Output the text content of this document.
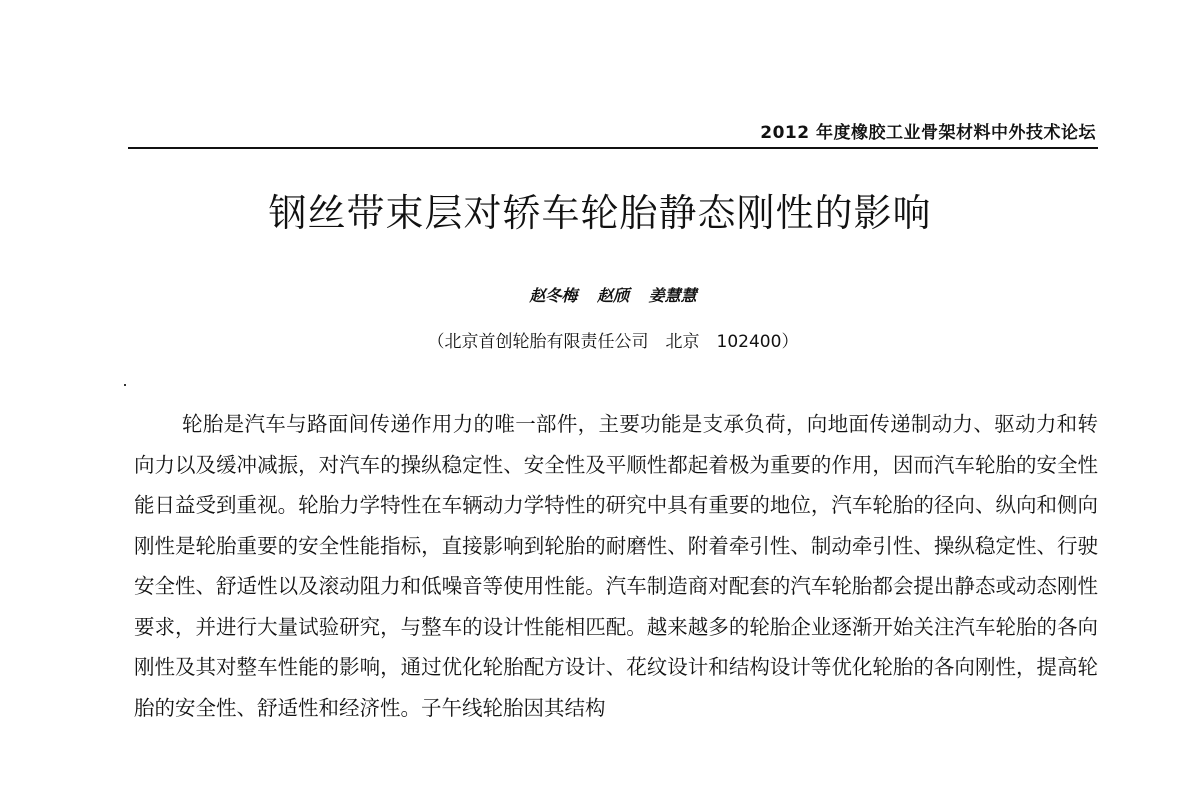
2012 年度橡胶工业骨架材料中外技术论坛
钢丝带束层对轿车轮胎静态刚性的影响
赵冬梅 赵颀 姜慧慧
（北京首创轮胎有限责任公司　北京　102400）

轮胎是汽车与路面间传递作用力的唯一部件，主要功能是支承负荷，向地面传递制动力、驱动力和转向力以及缓冲减振，对汽车的操纵稳定性、安全性及平顺性都起着极为重要的作用，因而汽车轮胎的安全性能日益受到重视。轮胎力学特性在车辆动力学特性的研究中具有重要的地位，汽车轮胎的径向、纵向和侧向刚性是轮胎重要的安全性能指标，直接影响到轮胎的耐磨性、附着牵引性、制动牵引性、操纵稳定性、行驶安全性、舒适性以及滚动阻力和低噪音等使用性能。汽车制造商对配套的汽车轮胎都会提出静态或动态刚性要求，并进行大量试验研究，与整车的设计性能相匹配。越来越多的轮胎企业逐渐开始关注汽车轮胎的各向刚性及其对整车性能的影响，通过优化轮胎配方设计、花纹设计和结构设计等优化轮胎的各向刚性，提高轮胎的安全性、舒适性和经济性。子午线轮胎因其结构
